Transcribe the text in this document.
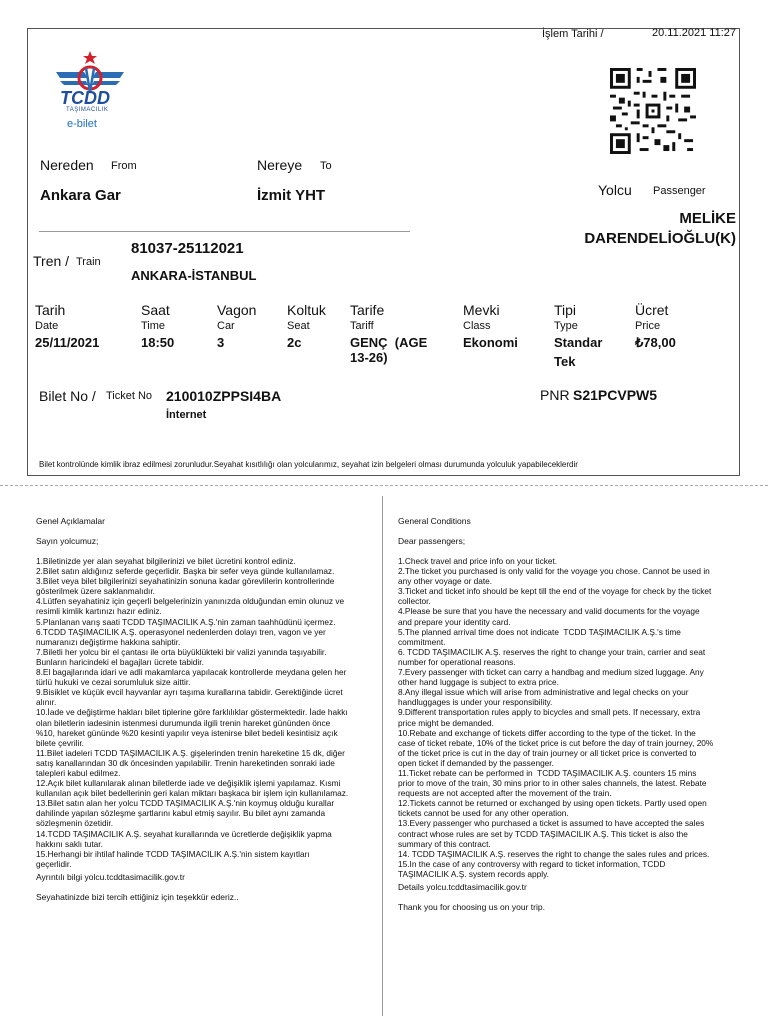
İşlem Tarihi /	20.11.2021 11:27
TCDD
TAŞIMACILIK
e-bilet
Nereden From
Ankara Gar
Nereye To
İzmit YHT	Yolcu Passenger
MELİKE
DARENDELİOĞLU(K)
Tren / Train
81037-25112021
ANKARA-İSTANBUL
Tarih
Date
25/11/2021
Saat
Time
18:50
Vagon
Car
3
Koltuk
Seat
2c
Tarife
Tariff
GENÇ  (AGE
13-26)
Mevki
Class
Ekonomi
Tipi
Type
Standar
Tek
Ücret
Price
₺78,00
Bilet No / Ticket No 210010ZPPSI4BA
İnternet
PNR S21PCVPW5
Bilet kontrolünde kimlik ibraz edilmesi zorunludur.Seyahat kısıtlılığı olan yolcularımız, seyahat izin belgeleri olması durumunda yolculuk yapabileceklerdir
Genel Açıklamalar
Sayın yolcumuz;
1.Biletinizde yer alan seyahat bilgilerinizi ve bilet ücretini kontrol ediniz.
2.Bilet satın aldığınız seferde geçerlidir. Başka bir sefer veya günde kullanılamaz.
3.Bilet veya bilet bilgilerinizi seyahatinizin sonuna kadar görevlilerin kontrollerinde
gösterilmek üzere saklanmalıdır.
4.Lütfen seyahatiniz için geçerli belgelerinizin yanınızda olduğundan emin olunuz ve
resimli kimlik kartınızı hazır ediniz.
5.Planlanan varış saati TCDD TAŞIMACILIK A.Ş.'nin zaman taahhüdünü içermez.
6.TCDD TAŞIMACILIK A.Ş. operasyonel nedenlerden dolayı tren, vagon ve yer
numaranızı değiştirme hakkına sahiptir.
7.Biletli her yolcu bir el çantası ile orta büyüklükteki bir valizi yanında taşıyabilir.
Bunların haricindeki el bagajları ücrete tabidir.
8.El bagajlarında idari ve adli makamlarca yapılacak kontrollerde meydana gelen her
türlü hukuki ve cezai sorumluluk size aittir.
9.Bisiklet ve küçük evcil hayvanlar ayrı taşıma kurallarına tabidir. Gerektiğinde ücret
alınır.
10.İade ve değiştirme hakları bilet tiplerine göre farklılıklar göstermektedir. İade hakkı
olan biletlerin iadesinin istenmesi durumunda ilgili trenin hareket gününden önce
%10, hareket gününde %20 kesinti yapılır veya istenirse bilet bedeli kesintisiz açık
bilete çevrilir.
11.Bilet iadeleri TCDD TAŞIMACILIK A.Ş. gişelerinden trenin hareketine 15 dk, diğer
satış kanallarından 30 dk öncesinden yapılabilir. Trenin hareketinden sonraki iade
talepleri kabul edilmez.
12.Açık bilet kullanılarak alınan biletlerde iade ve değişiklik işlemi yapılamaz. Kısmi
kullanılan açık bilet bedellerinin geri kalan miktarı başkaca bir işlem için kullanılamaz.
13.Bilet satın alan her yolcu TCDD TAŞIMACILIK A.Ş.'nin koymuş olduğu kurallar
dahilinde yapılan sözleşme şartlarını kabul etmiş sayılır. Bu bilet aynı zamanda
sözleşmenin özetidir.
14.TCDD TAŞIMACILIK A.Ş. seyahat kurallarında ve ücretlerde değişiklik yapma
hakkını saklı tutar.
15.Herhangi bir ihtilaf halinde TCDD TAŞIMACILIK A.Ş.'nin sistem kayıtları
geçerlidir.
Ayrıntılı bilgi yolcu.tcddtasimacilik.gov.tr
Seyahatinizde bizi tercih ettiğiniz için teşekkür ederiz..
General Conditions
Dear passengers;
1.Check travel and price info on your ticket.
2.The ticket you purchased is only valid for the voyage you chose. Cannot be used in
any other voyage or date.
3.Ticket and ticket info should be kept till the end of the voyage for check by the ticket
collector.
4.Please be sure that you have the necessary and valid documents for the voyage
and prepare your identity card.
5.The planned arrival time does not indicate  TCDD TAŞIMACILIK A.Ş.'s time
commitment.
6. TCDD TAŞIMACILIK A.Ş. reserves the right to change your train, carrier and seat
number for operational reasons.
7.Every passenger with ticket can carry a handbag and medium sized luggage. Any
other hand luggage is subject to extra price.
8.Any illegal issue which will arise from administrative and legal checks on your
handluggages is under your responsibility.
9.Different transportation rules apply to bicycles and small pets. If necessary, extra
price might be demanded.
10.Rebate and exchange of tickets differ according to the type of the ticket. In the
case of ticket rebate, 10% of the ticket price is cut before the day of train journey, 20%
of the ticket price is cut in the day of train journey or all ticket price is converted to
open ticket if demanded by the passenger.
11.Ticket rebate can be performed in  TCDD TAŞIMACILIK A.Ş. counters 15 mins
prior to move of the train, 30 mins prior to in other sales channels, the latest. Rebate
requests are not accepted after the movement of the train.
12.Tickets cannot be returned or exchanged by using open tickets. Partly used open
tickets cannot be used for any other operation.
13.Every passenger who purchased a ticket is assumed to have accepted the sales
contract whose rules are set by TCDD TAŞIMACILIK A.Ş. This ticket is also the
summary of this contract.
14. TCDD TAŞIMACILIK A.Ş. reserves the right to change the sales rules and prices.
15.In the case of any controversy with regard to ticket information, TCDD
TAŞIMACILIK A.Ş. system records apply.
Details yolcu.tcddtasimacilik.gov.tr
Thank you for choosing us on your trip.
